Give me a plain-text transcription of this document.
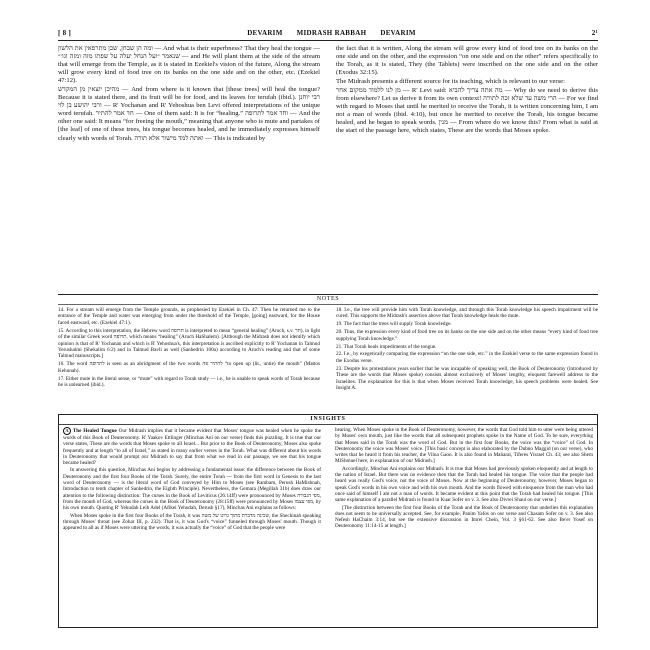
[ 8 ]	DEVARIM MIDRASH RABBAH DEVARIM	2¹

ומה הן שבחן, שכן מתרפאין את הלשון — And what is their superbness? That they heal the tongue — שנאמר ״ועל הנחל יעלה על שפתו מזה ומזה וגו׳״ — and He will plant them at the side of the stream that will emerge from the Temple, as it is stated in Ezekiel's vision of the future, Along the stream will grow every kind of food tree on its banks on the one side and on the other, etc. (Ezekiel 47:12).

מהיכן יוצאין מן המקדש — And from where is it known that [these trees] will heal the tongue? Because it is stated there, and its fruit will be for food, and its leaves for terufah (ibid.). רבי יוחנן ורבי יהושע בן לוי — R' Yochanan and R' Yehoshua ben Levi offered interpretations of the unique word terufah. חד אמר להתיר — One of them said: It is for “healing.” וחד אמר לתרופה — And the other one said: It means “for freeing the mouth,” meaning that anyone who is mute and partakes of [the leaf] of one of these trees, his tongue becomes healed, and he immediately expresses himself clearly with words of Torah. ואתה למד מישור אלא תורה — This is indicated by

the fact that it is written, Along the stream will grow every kind of food tree on its banks on the one side and on the other, and the expression “on one side and on the other” refers specifically to the Torah, as it is stated, They (the Tablets) were inscribed on the one side and on the other (Exodus 32:15).

The Midrash presents a different source for its teaching, which is relevant to our verse:

מן לנו ללמוד ממקום אחר — R' Levi said: מה אתה צריך להביא — Why do we need to derive this from elsewhere? Let us derive it from its own context! הרי משה עד שלא זכה לתורה — For we find with regard to Moses that until he merited to receive the Torah, it is written concerning him, I am not a man of words (ibid. 4:10), but once he merited to receive the Torah, his tongue became healed, and he began to speak words. מנין — From where do we know this? From what is said at the start of the passage here, which states, These are the words that Moses spoke.

NOTES

14. For a stream will emerge from the Temple grounds, as prophesied by Ezekiel in Ch. 47: Then he returned me to the entrance of the Temple and water was emerging from under the threshold of the Temple, [going] eastward, for the House faced eastward, etc. (Ezekiel 47:1).

15. According to this interpretation, the Hebrew word תרופה is interpreted to mean “general healing” (Aruch, s.v. תר), in light of the similar Greek word תרופה, which means “healing” (Aruch HaShalem). [Although the Midrash does not identify which opinion is that of R' Yochanan and which is R' Yehoshua's, this interpretation is ascribed explicitly to R' Yochanan in Talmud Yerushalmi (Shekalim 6:2) and in Talmud Bavli as well (Sanhedrin 100a) according to Aruch's reading and that of some Talmud manuscripts.]

16. The word לתרופה is seen as an abridgment of the two words להתיר פה “to open up (lit., untie) the mouth” (Mattos Kehunah).

17. Either mute in the literal sense, or “mute” with regard to Torah study — i.e., he is unable to speak words of Torah because he is unlearned (ibid.).

18. I.e., the tree will provide him with Torah knowledge, and through this Torah knowledge his speech impairment will be cured. This supports the Midrash's assertion above that Torah knowledge heals the mute.

19. The fact that the trees will supply Torah knowledge.

20. Thus, the expression every kind of food tree on its banks on the one side and on the other means “every kind of food tree supplying Torah knowledge.”

21. That Torah heals impediments of the tongue.

22. I.e., by exegetically comparing the expression “on the one side, etc.” in the Ezekiel verse to the same expression found in the Exodus verse.

23. Despite his protestations years earlier that he was incapable of speaking well, the Book of Deuteronomy (introduced by These are the words that Moses spoke) consists almost exclusively of Moses' lengthy, eloquent farewell address to the Israelites. The explanation for this is that when Moses received Torah knowledge, his speech problems were healed. See Insight A.

INSIGHTS

A The Healed Tongue Our Midrash implies that it became evident that Moses' tongue was healed when he spoke the words of this Book of Deuteronomy. R' Yaakov Ettlinger (Minchas Ani on our verse) finds this puzzling. It is true that our verse states, These are the words that Moses spoke to all Israel... But prior to the Book of Deuteronomy, Moses also spoke frequently and at length “to all of Israel,” as stated in many earlier verses in the Torah. What was different about his words in Deuteronomy that would prompt our Midrash to say that from what we read in our passage, we see that his tongue became healed?

In answering this question, Minchas Ani begins by addressing a fundamental issue: the difference between the Book of Deuteronomy and the first four Books of the Torah. Surely, the entire Torah — from the first word in Genesis to the last word of Deuteronomy — is the literal word of God conveyed by Him to Moses (see Rambam, Perush HaMishnah, Introduction to tenth chapter of Sanhedrin, the Eighth Principle). Nevertheless, the Gemara (Megillah 31b) does draw our attention to the following distinction: The curses in the Book of Leviticus (26:14ff) were pronounced by Moses מפי הגבורה, from the mouth of God, whereas the curses in the Book of Deuteronomy (28:15ff) were pronounced by Moses מפי עצמו, by his own mouth. Quoting R' Yehudah Leib Adel (Afikei Yehudah, Derush §17), Minchas Ani explains as follows:

When Moses spoke in the first four Books of the Torah, it was שכינה מדברת מתוך גרונו של משה, the Shechinah speaking through Moses' throat (see Zohar III, p. 232). That is, it was God's “voice” funneled through Moses' mouth. Though it appeared to all as if Moses were uttering the words, it was actually the “voice” of God that the people were

hearing. When Moses spoke in the Book of Deuteronomy, however, the words that God told him to utter were being uttered by Moses' own mouth, just like the words that all subsequent prophets spoke in the Name of God. To be sure, everything that Moses said in the Torah was the word of God. But in the first four Books, the voice was the “voice” of God. In Deuteronomy the voice was Moses' voice. [This basic concept is also elaborated by the Dubno Maggid (on our verse), who writes that he heard it from his teacher, the Vilna Gaon. It is also found in Maharal, Tiferes Yisrael Ch. 43; see also Shem MiShmuel here, in explanation of our Midrash.]

Accordingly, Minchas Ani explains our Midrash. It is true that Moses had previously spoken eloquently and at length to the nation of Israel. But there was no evidence then that the Torah had healed his tongue. The voice that the people had heard was really God's voice, not the voice of Moses. Now at the beginning of Deuteronomy, however, Moses began to speak God's words in his own voice and with his own mouth. And the words flowed with eloquence from the man who had once said of himself I am not a man of words. It became evident at this point that the Torah had healed his tongue. [This same explanation of a parallel Midrash is found in Kuar Sofer on v. 3. See also Divrei Shaul on our verse.]

[The distinction between the first four Books of the Torah and the Book of Deuteronomy that underlies this explanation does not seem to be universally accepted. See, for example, Panim Yafos on our verse and Chasam Sofer on v. 3. See also Nefesh HaChaim 3:14, but see the extensive discussion in Imrei Chein, Vol. 3 §61-62. See also Be'er Yosef on Deuteronomy 11:14-15 at length.]
